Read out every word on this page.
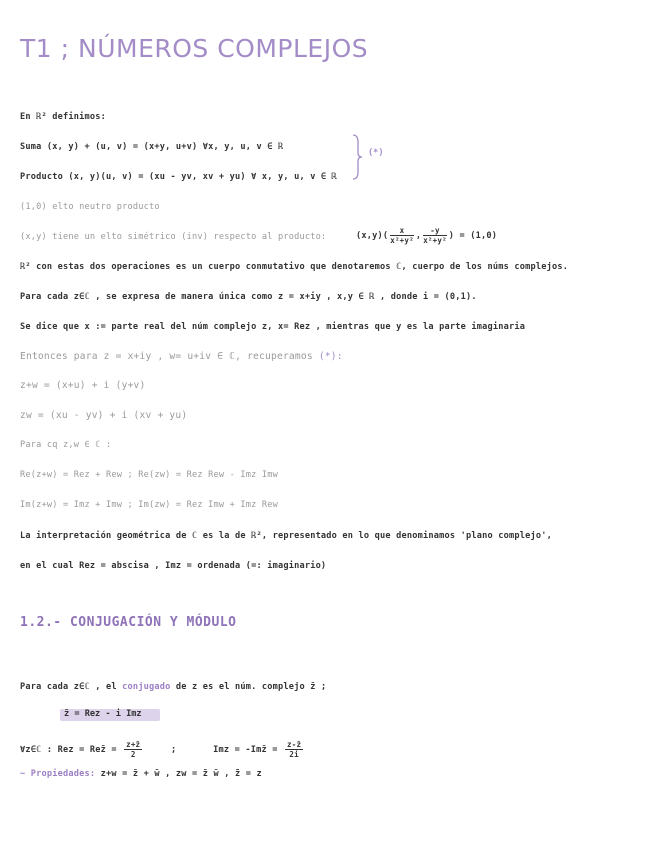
T1 ; NÚMEROS COMPLEJOS
En ℝ² definimos:
Suma (x, y) + (u, v) = (x+y, u+v) ∀x, y, u, v ∈ ℝ
Producto (x, y)(u, v) = (xu - yv, xv + yu) ∀ x, y, u, v ∈ ℝ
(*)
(1,0) elto neutro producto
(x,y) tiene un elto simétrico (inv) respecto al producto:	$(x,y)( \frac{x}{\text{x²+y²}}$ , $\frac{-y}{\text{x²+y²}}$ ) = (1,0)
ℝ² con estas dos operaciones es un cuerpo conmutativo que denotaremos ℂ, cuerpo de los núms complejos.
Para cada z∈ℂ , se expresa de manera única como z = x+iy , x,y ∈ ℝ , donde i = (0,1).
Se dice que x := parte real del núm complejo z, x= Rez , mientras que y es la parte imaginaria
Entonces para z = x+iy , w= u+iv ∈ ℂ, recuperamos (*):
z+w = (x+u) + i (y+v)
zw = (xu - yv) + i (xv + yu)
Para cq z,w ∈ ℂ :
Re(z+w) = Rez + Rew ; Re(zw) = Rez Rew - Imz Imw
Im(z+w) = Imz + Imw ; Im(zw) = Rez Imw + Imz Rew
La interpretación geométrica de ℂ es la de ℝ², representado en lo que denominamos 'plano complejo',
en el cual Rez = abscisa , Imz = ordenada (=: imaginario)
1.2.- CONJUGACIÓN Y MÓDULO
Para cada z∈ℂ , el conjugado de z es el núm. complejo z̄ ;
z̄ = Rez - i Imz
∀z∈ℂ : Rez = Rez̄ = $\frac{z+z̄}{2}$	;	Imz = -Imz̄ = $\frac{z-z̄}{2i}$
~ Propiedades: z+w = z̄ + w̄ , zw = z̄ w̄ , z̄̄ = z
